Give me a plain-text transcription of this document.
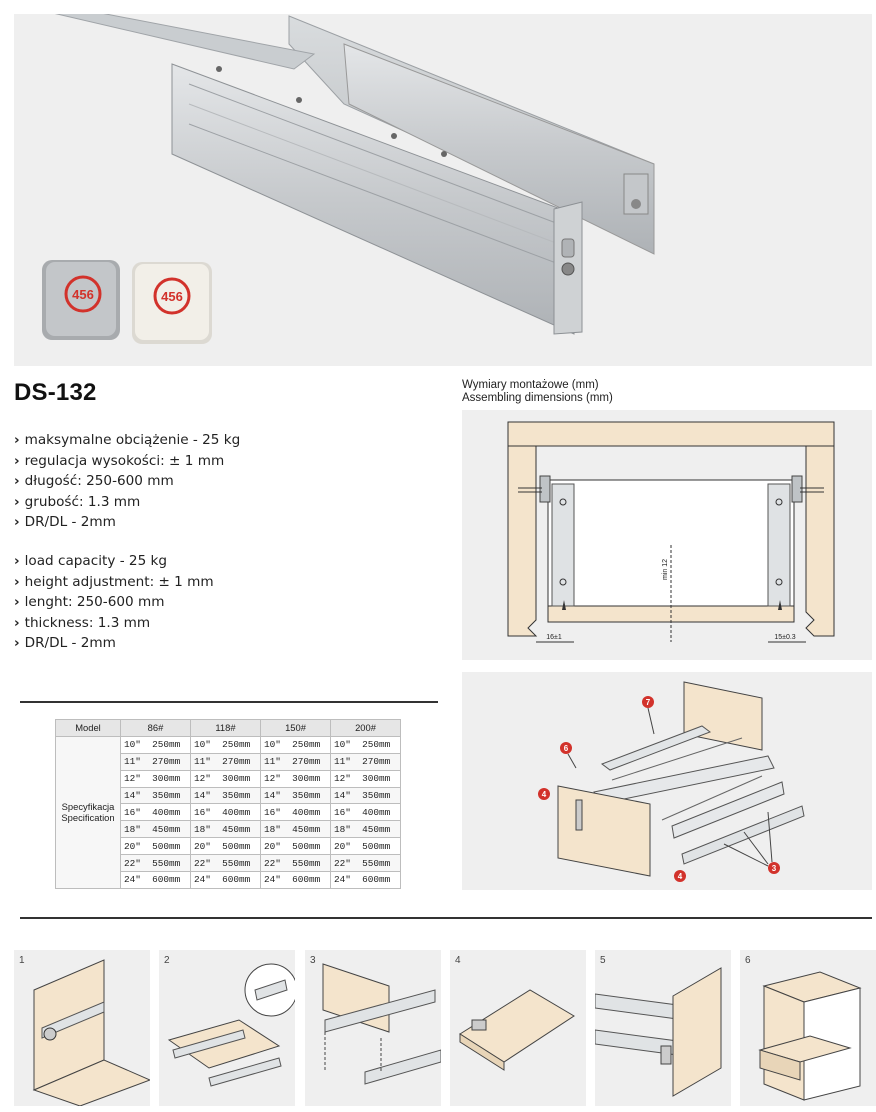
456	456
DS-132
› maksymalne obciążenie - 25 kg
› regulacja wysokości: ± 1 mm
› długość: 250-600 mm
› grubość: 1.3 mm
› DR/DL - 2mm
› load capacity - 25 kg
› height adjustment: ± 1 mm
› lenght: 250-600 mm
› thickness: 1.3 mm
› DR/DL - 2mm
Model	86#	118#	150#	200#
Specyfikacja
Specification	10"  250mm	10"  250mm	10"  250mm	10"  250mm
	11"  270mm	11"  270mm	11"  270mm	11"  270mm
	12"  300mm	12"  300mm	12"  300mm	12"  300mm
	14"  350mm	14"  350mm	14"  350mm	14"  350mm
	16"  400mm	16"  400mm	16"  400mm	16"  400mm
	18"  450mm	18"  450mm	18"  450mm	18"  450mm
	20"  500mm	20"  500mm	20"  500mm	20"  500mm
	22"  550mm	22"  550mm	22"  550mm	22"  550mm
	24"  600mm	24"  600mm	24"  600mm	24"  600mm
Wymiary montażowe (mm)
Assembling dimensions (mm)
min 12
16±1	15±0.3
7
6
4
3
4
1	2	3	4	5	6
